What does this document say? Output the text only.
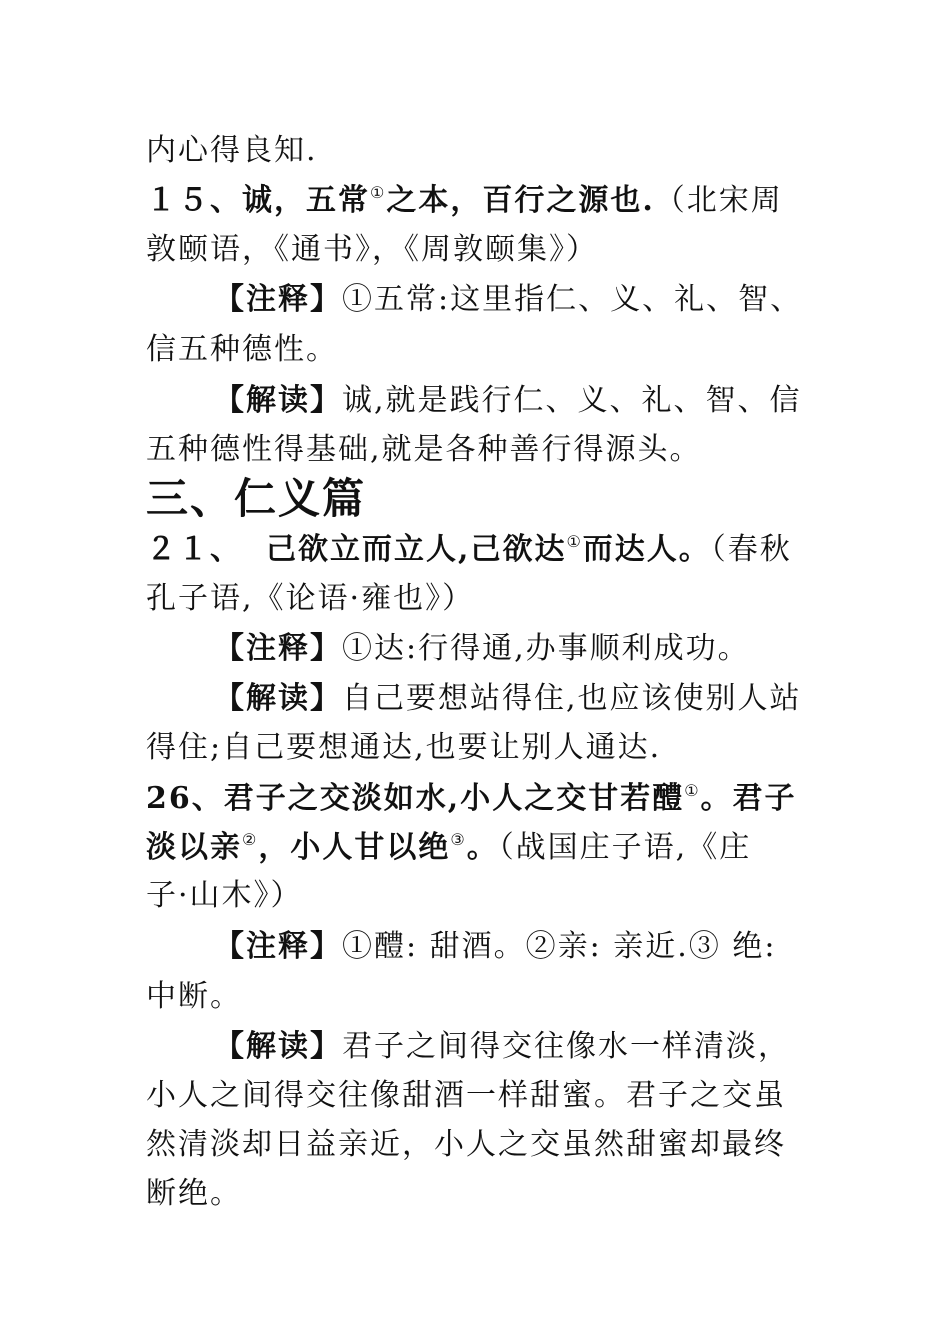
内心得良知.
１５、诚，五常①之本，百行之源也.（北宋周
敦颐语，《通书》，《周敦颐集》）
【注释】①五常:这里指仁、义、礼、智、
信五种德性。
【解读】诚,就是践行仁、义、礼、智、信
五种德性得基础,就是各种善行得源头。
三、仁义篇
２１、 己欲立而立人,己欲达①而达人。（春秋
孔子语,《论语·雍也》）
【注释】①达:行得通,办事顺利成功。
【解读】自己要想站得住,也应该使别人站
得住;自己要想通达,也要让别人通达.
26、君子之交淡如水,小人之交甘若醴①。君子
淡以亲②，小人甘以绝③。（战国庄子语,《庄
子·山木》）
【注释】①醴: 甜酒。②亲: 亲近.③ 绝:
中断。
【解读】君子之间得交往像水一样清淡，
小人之间得交往像甜酒一样甜蜜。君子之交虽
然清淡却日益亲近，小人之交虽然甜蜜却最终
断绝。
